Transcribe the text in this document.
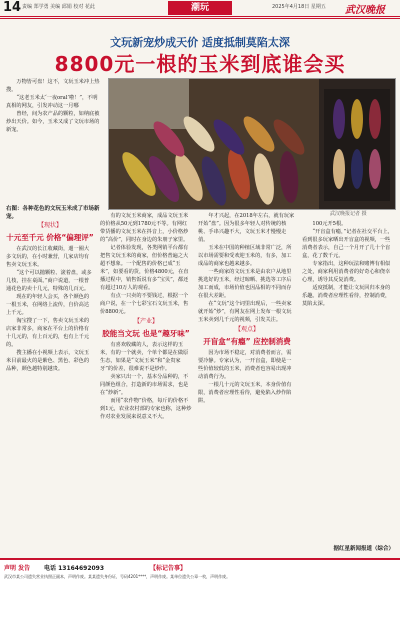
14 责编 郑学勇 美编 邱娟 校对 花此	潮玩	2025年4月18日 星期五 武汉晚报
文玩新宠炒成天价 适度抵制莫陷太深
8800元一根的玉米到底谁会买

万物皆可盘！这不，文玩玉米冲上热搜。

“这老玉米太‘一夜oral’啦！”，不明真相的网友，引发冲动这一月哪

曾经，间为农产品的颗粒，如纳底被炒出天价。如今，玉米又成了文玩市场的新宠。

武汉晚报记者 摄
右图：各种花色的文玩玉米成了市场新宠。
【现状】
十元至千元 价格“偏理评”

在武汉的长江收藏街，遛一圈大多文玩的，在小时兼营，几家店均有售卖文玩玉米。

“这个可以抛颗粒、滚着盘，或多几枝，挂在桌面。”商户说道，一根普通花色的卖十几元，特殊的几百元。

现在的年轻人会买，各个颜色的一根玉米，在网络上流传，自价高达上千元。

淘宝搜了一下，售卖文玩玉米的店家非常多，商家在平台上的价格有十几元的，有上百元的，也有上千元的。

搜主播在小视频上表示，文玩玉米目前最火的是紫色、黑色、彩色的品种，颜色越特别越贵。

有的文玩玉米商家，成品文玩玉米的价格从50元到1780元不等。有网红带货播的文玩玉米在抖音上，小价格炒的“高价”，同时在身边的朱朋子家里。

记者体验发现，各类网销平台都有把售文玩玉米的商家，但价格普遍之大超不想象。一个配售的价格已成“玉米”，如要看的货，价格4800元，在直播过程中，销售饭说有多“宝贝”，都还有超过10万人的观看。

有点一只卖的不要钱过，根据一个商户说，在一个七彩宝石文玩玉米，售价8800元。

【产业】
胶能当文玩 也是“趣牙味”

有喜欢收藏的人，表示这样的玉米，有的一个就卖，个单个都是在做原生态，如果是“文玩玉米”和“金贵家牙”的价差，很难说不是炒作。

卖家只出一个，基本分品种的，不同颜色组合，打造新的市场需求，也是在“炒新”。

而用“农作物”价格，每斤的价格不到1元，农业农村部的专家也称，这种炒作对农业发展来说意义不大。

年才兴起，在2018年左右，就有玩家开始“盘”。因为很多年轻人对传统的核桃、手串兴趣不大，文玩玉米才慢慢走俏。

玉米在中国的种植区域非常广泛，所以市场需要和受欢迎玉米的，有多，加工成品的商家也越来越多。

一些商家的文玩玉米是由农户从地里挑选好的玉米，经过晾晒、挑选等工序后加工而成，市场价值也因品相的不同而存在很大差距。

在“文玩”这个词里出现后，一些卖家就开始“炒”，有网友在网上发布一根文玩玉米卖到几千元的视频，引发关注。

【观点】
开盲盒“有瘾” 应控制消费

因为市场不稳定，对消费者而言，需要冷静。专家认为，一开盲盒，即使是一些价值较低的玉米，消费者也容易出现冲动消费行为。

一根几十元的文玩玉米，本身价值有限，消费者应理性看待，避免陷入炒作陷阱。

100元开5根。

“开盲盒有瘾，”记者在社交平台上，看到很多玩家晒出开盲盒的视频，一些消费者表示，自己一个月开了几十个盲盒，花了数千元。

专家指出，这种玩法和赌博有相似之处，商家利用消费者的好奇心和侥幸心理，诱导其反复消费。

适度抵制，才能让文玩回归本身的乐趣。消费者应理性看待，控制消费，莫陷太深。

据红星新闻报道（综合）
声明 发告 电话 13164692093	【标记告事】
武汉市某公司遗失营业执照正副本，声明作废。某某遗失身份证，号码4201****，声明作废。某单位遗失公章一枚，声明作废。
